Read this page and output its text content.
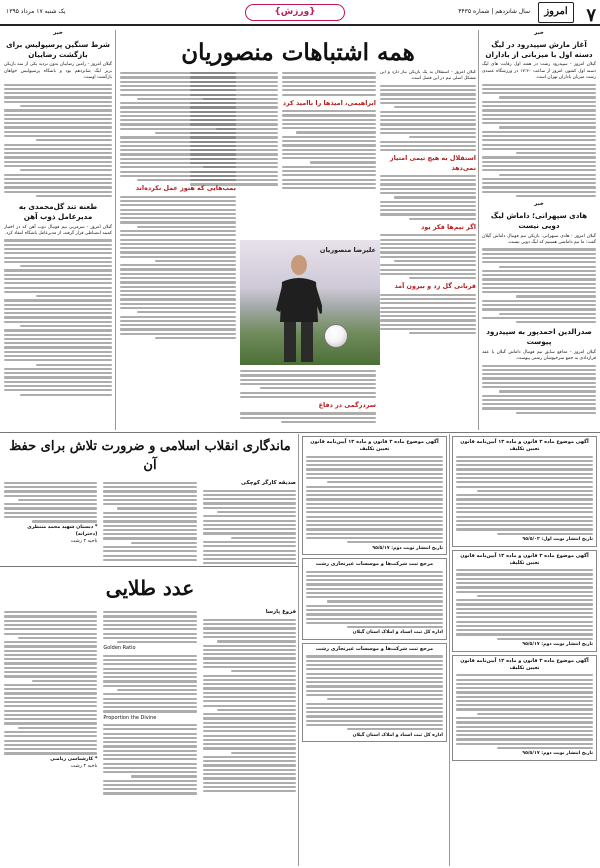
۷
امروز
سال شانزدهم | شماره ۴۴۳۵
{ورزش}
یک شنبه ۱۷ مرداد ۱۳۹۵
خبر
آغاز مارش سپیدرود در لیگ دسته اول با میزبانی از باداران
گیلان امروز - سپیدرود رشت در هفته اول رقابت های لیگ دسته اول کشور، امروز از ساعت ۱۷:۳۰ در ورزشگاه عضدی رشت میزبان باداران تهران است.
خبر
هادی سپهرانی؛ داماش لیگ دویی نیست
گیلان امروز - هادی سپهرانی، بازیکن تیم فوتبال داماش گیلان گفت: ما تیم داماشی هستیم که لیگ دویی نیست.
صدرالدین احمدپور به سپیدرود پیوست
گیلان امروز - مدافع سابق تیم فوتبال داماش گیلان با عقد قراردادی به جمع سرخپوشان رشتی پیوست.
همه اشتباهات منصوریان
گیلان امروز - استقلال به یک بازیکن نیاز دارد و این مشکل اصلی تیم در این فصل است.
استقلال به هیچ تیمی امتیاز نمی‌دهد
اگر تیم‌ها فکر بود
قربانی گل زد و بیرون آمد
ابراهیمی، امیدها را ناامید کرد
بمب‌هایی که هنوز عمل نکرده‌اند
علیرضا منصوریان
سردرگمی در دفاع
خبر
شرط سنگین پرسپولیس برای بازگشت رضاییان
گیلان امروز - رامین رضاییان بدون تردید یکی از سه بازیکن برتر لیگ شانزدهم بود و باشگاه پرسپولیس خواهان بازگشت اوست.
طعنه تند گل‌محمدی به مدیرعامل ذوب آهن
گیلان امروز - سرمربی تیم فوتبال ذوب آهن که در اختیار کمیته انضباطی قرار گرفته، از مدیرعامل باشگاه انتقاد کرد.
ماندگاری انقلاب اسلامی و ضرورت تلاش برای حفظ آن
صدیقه کارگر کوچکی
* دبستان شهید محمد منتظری (دخترانه)
ناحیه ۲ رشت
عدد طلایی
فروغ پارسا
Golden Ratio
Proportion the Divine
* کارشناسی ریاضی
ناحیه ۲ رشت
آگهی موضوع ماده ۳ قانون و ماده ۱۳ آیین‌نامه قانون تعیین تکلیف
تاریخ انتشار نوبت دوم: ۹۵/۵/۱۷
مرجع ثبت شرکت‌ها و موسسات غیرتجاری رشت
اداره کل ثبت اسناد و املاک استان گیلان
مرجع ثبت شرکت‌ها و موسسات غیرتجاری رشت
اداره کل ثبت اسناد و املاک استان گیلان
آگهی موضوع ماده ۳ قانون و ماده ۱۳ آیین‌نامه قانون تعیین تکلیف
تاریخ انتشار نوبت اول: ۹۵/۵/۰۲
آگهی موضوع ماده ۳ قانون و ماده ۱۳ آیین‌نامه قانون تعیین تکلیف
تاریخ انتشار نوبت دوم: ۹۵/۵/۱۷
آگهی موضوع ماده ۳ قانون و ماده ۱۳ آیین‌نامه قانون تعیین تکلیف
تاریخ انتشار نوبت دوم: ۹۵/۵/۱۷
